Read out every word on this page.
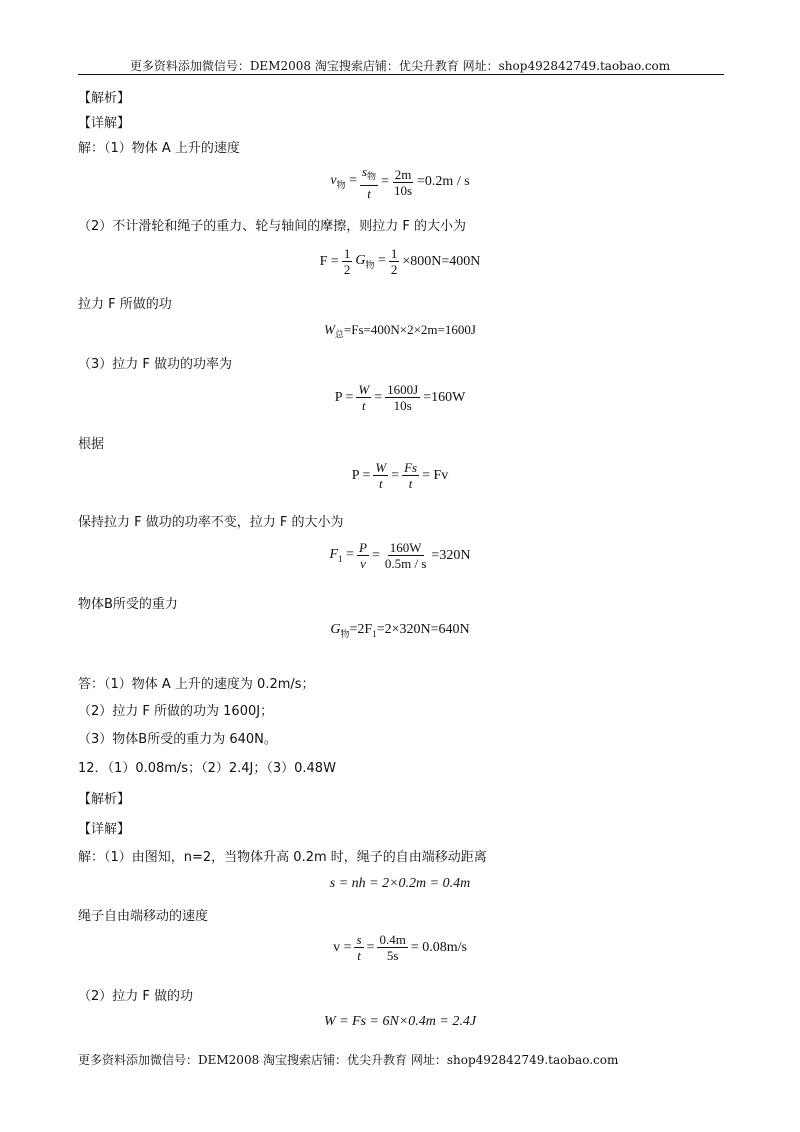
更多资料添加微信号：DEM2008 淘宝搜索店铺：优尖升教育 网址：shop492842749.taobao.com
【解析】
【详解】
解：（1）物体 A 上升的速度
$v_物 = \frac{s_物}{t} = \frac{2m}{10s} =0.2m / s$
（2）不计滑轮和绳子的重力、轮与轴间的摩擦，则拉力 F 的大小为
$F = \frac{1}{2} G_物 = \frac{1}{2} \times 800N=400N$
拉力 F 所做的功
$W_总=Fs=400N\times 2\times 2m=1600J$
（3）拉力 F 做功的功率为
$P = \frac{W}{t} = \frac{1600J}{10s} =160W$
根据
$P = \frac{W}{t} = \frac{Fs}{t} = Fv$
保持拉力 F 做功的功率不变，拉力 F 的大小为
$F_1 = \frac{P}{v} = \frac{160W}{0.5m / s} =320N$
物体B所受的重力
$G_物=2F_1=2\times 320N=640N$
答：（1）物体 A 上升的速度为 0.2m/s；
（2）拉力 F 所做的功为 1600J；
（3）物体B所受的重力为 640N。
12．（1）0.08m/s；（2）2.4J；（3）0.48W
【解析】
【详解】
解：（1）由图知，n=2，当物体升高 0.2m 时，绳子的自由端移动距离
s = nh = 2×0.2m = 0.4m
绳子自由端移动的速度
$v = \frac{s}{t} = \frac{0.4m}{5s} = 0.08m/s$
（2）拉力 F 做的功
W = Fs = 6N×0.4m = 2.4J
更多资料添加微信号：DEM2008 淘宝搜索店铺：优尖升教育 网址：shop492842749.taobao.com
